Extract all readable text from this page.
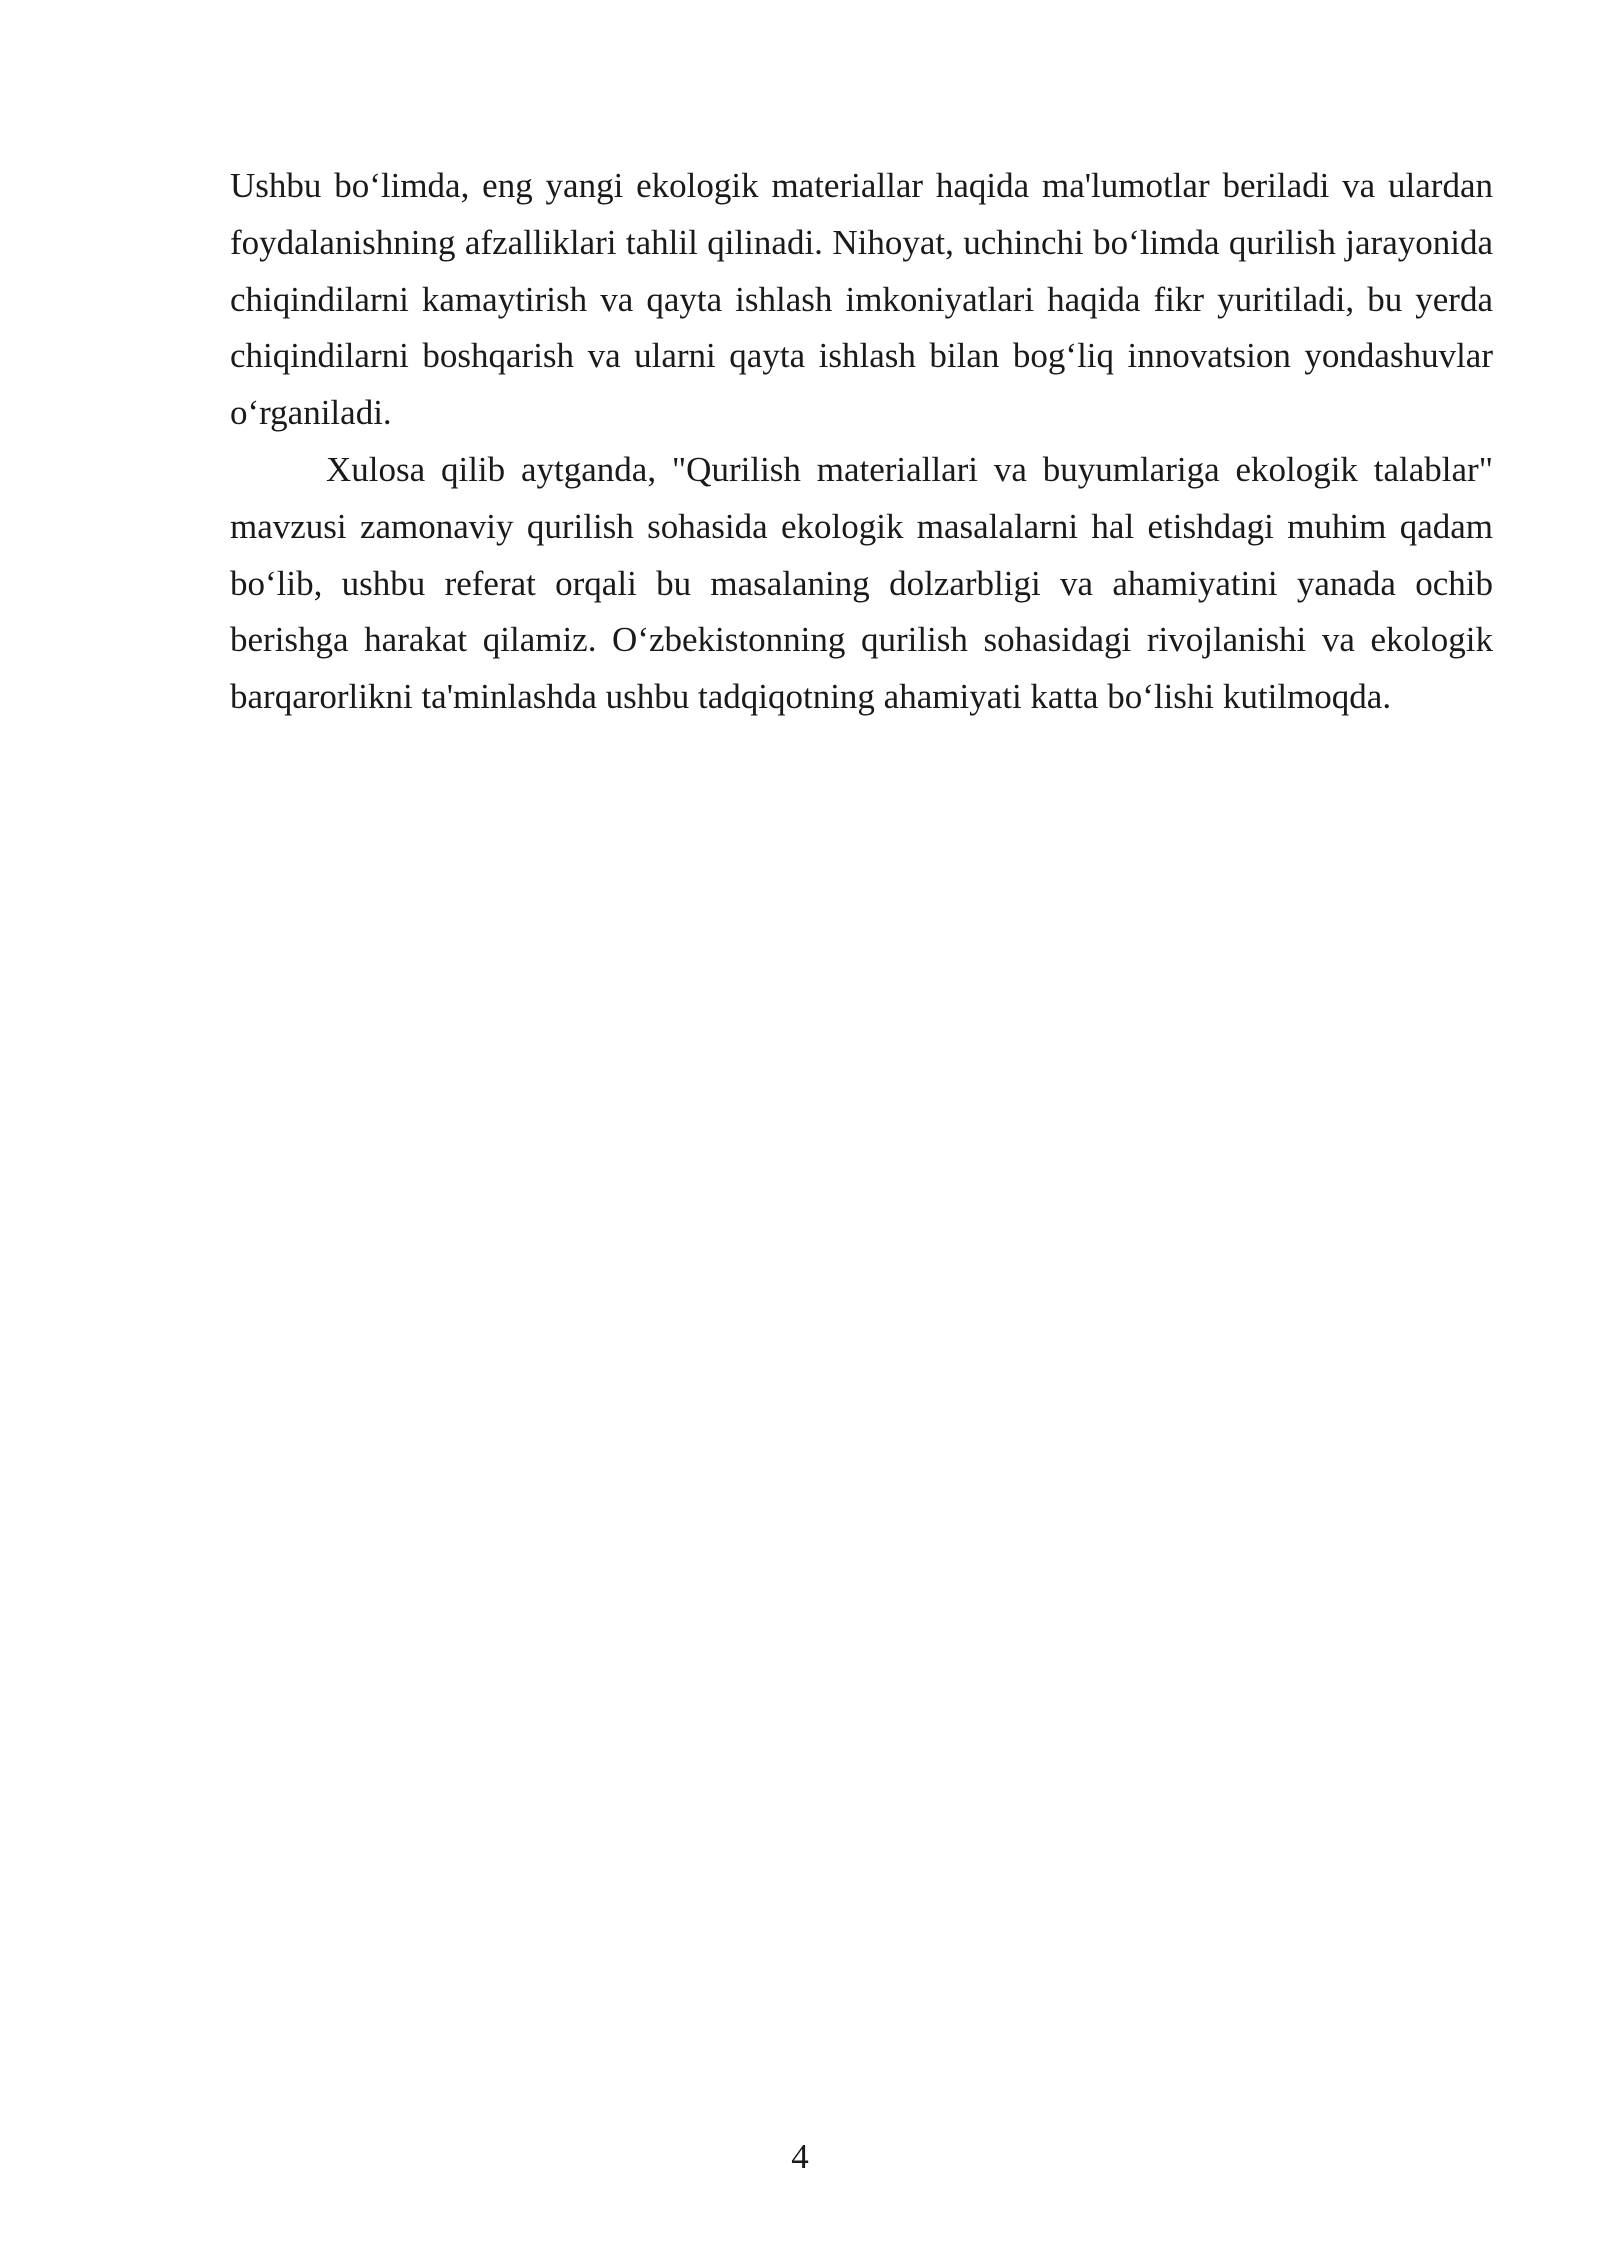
Ushbu bo‘limda, eng yangi ekologik materiallar haqida ma'lumotlar beriladi va ulardan foydalanishning afzalliklari tahlil qilinadi. Nihoyat, uchinchi bo‘limda qurilish jarayonida chiqindilarni kamaytirish va qayta ishlash imkoniyatlari haqida fikr yuritiladi, bu yerda chiqindilarni boshqarish va ularni qayta ishlash bilan bog‘liq innovatsion yondashuvlar o‘rganiladi.

Xulosa qilib aytganda, "Qurilish materiallari va buyumlariga ekologik talablar" mavzusi zamonaviy qurilish sohasida ekologik masalalarni hal etishdagi muhim qadam bo‘lib, ushbu referat orqali bu masalaning dolzarbligi va ahamiyatini yanada ochib berishga harakat qilamiz. O‘zbekistonning qurilish sohasidagi rivojlanishi va ekologik barqarorlikni ta'minlashda ushbu tadqiqotning ahamiyati katta bo‘lishi kutilmoqda.

4
